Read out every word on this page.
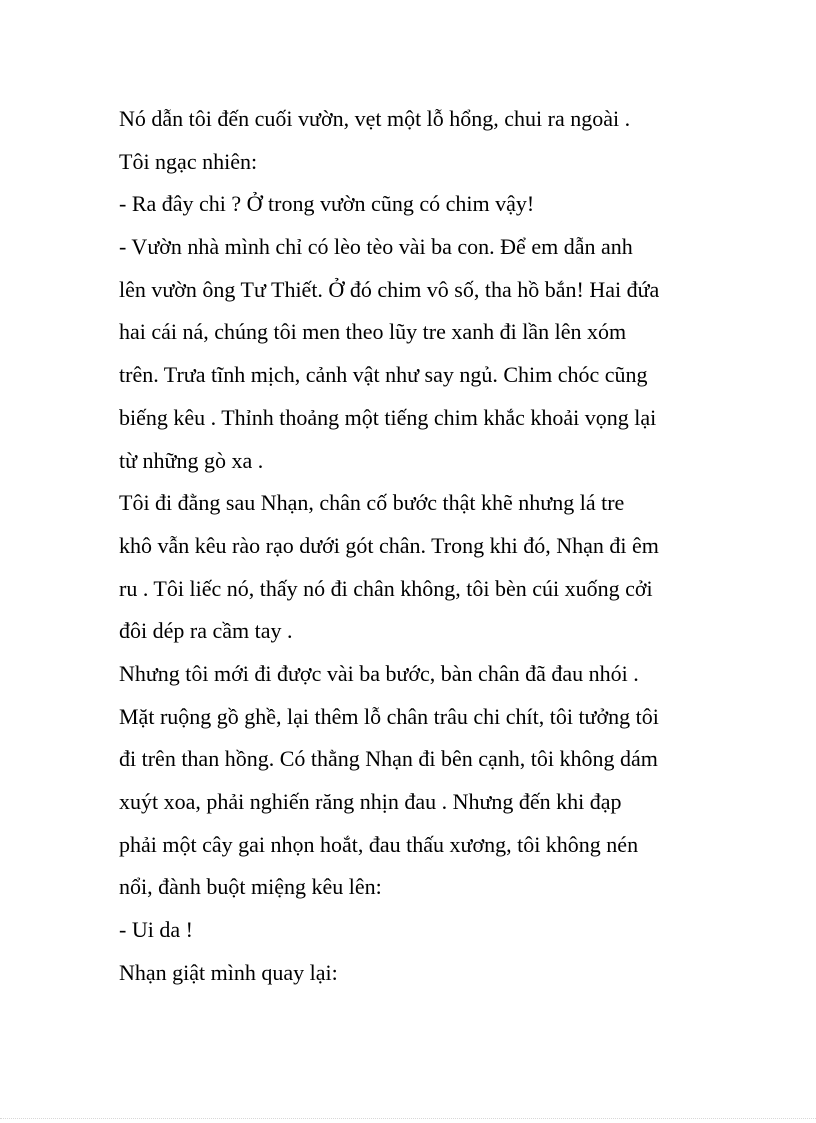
Nó dẫn tôi đến cuối vườn, vẹt một lỗ hổng, chui ra ngoài .
Tôi ngạc nhiên:
- Ra đây chi ? Ở trong vườn cũng có chim vậy!
- Vườn nhà mình chỉ có lèo tèo vài ba con. Để em dẫn anh
lên vườn ông Tư Thiết. Ở đó chim vô số, tha hồ bắn! Hai đứa
hai cái ná, chúng tôi men theo lũy tre xanh đi lần lên xóm
trên. Trưa tĩnh mịch, cảnh vật như say ngủ. Chim chóc cũng
biếng kêu . Thỉnh thoảng một tiếng chim khắc khoải vọng lại
từ những gò xa .
Tôi đi đằng sau Nhạn, chân cố bước thật khẽ nhưng lá tre
khô vẫn kêu rào rạo dưới gót chân. Trong khi đó, Nhạn đi êm
ru . Tôi liếc nó, thấy nó đi chân không, tôi bèn cúi xuống cởi
đôi dép ra cầm tay .
Nhưng tôi mới đi được vài ba bước, bàn chân đã đau nhói .
Mặt ruộng gồ ghề, lại thêm lỗ chân trâu chi chít, tôi tưởng tôi
đi trên than hồng. Có thằng Nhạn đi bên cạnh, tôi không dám
xuýt xoa, phải nghiến răng nhịn đau . Nhưng đến khi đạp
phải một cây gai nhọn hoắt, đau thấu xương, tôi không nén
nổi, đành buột miệng kêu lên:
- Ui da !
Nhạn giật mình quay lại:
